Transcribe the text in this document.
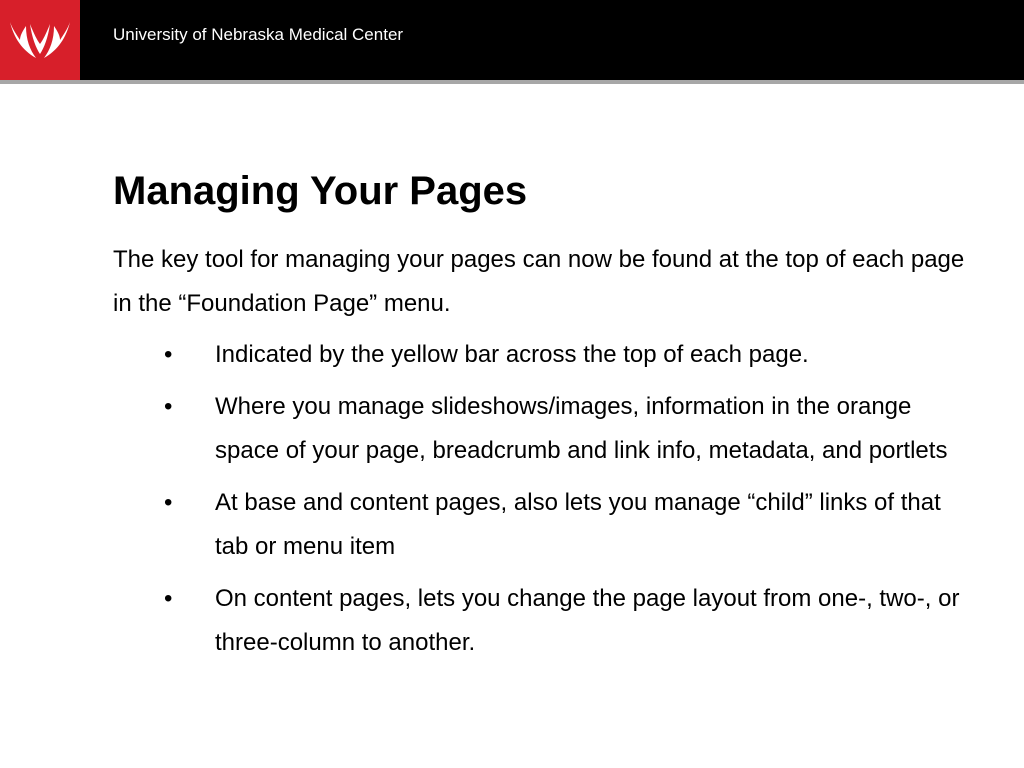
University of Nebraska Medical Center
Managing Your Pages

The key tool for managing your pages can now be found at the top of each page in the “Foundation Page” menu.

• Indicated by the yellow bar across the top of each page.
• Where you manage slideshows/images, information in the orange space of your page, breadcrumb and link info, metadata, and portlets
• At base and content pages, also lets you manage “child” links of that tab or menu item
• On content pages, lets you change the page layout from one-, two-, or three-column to another.
